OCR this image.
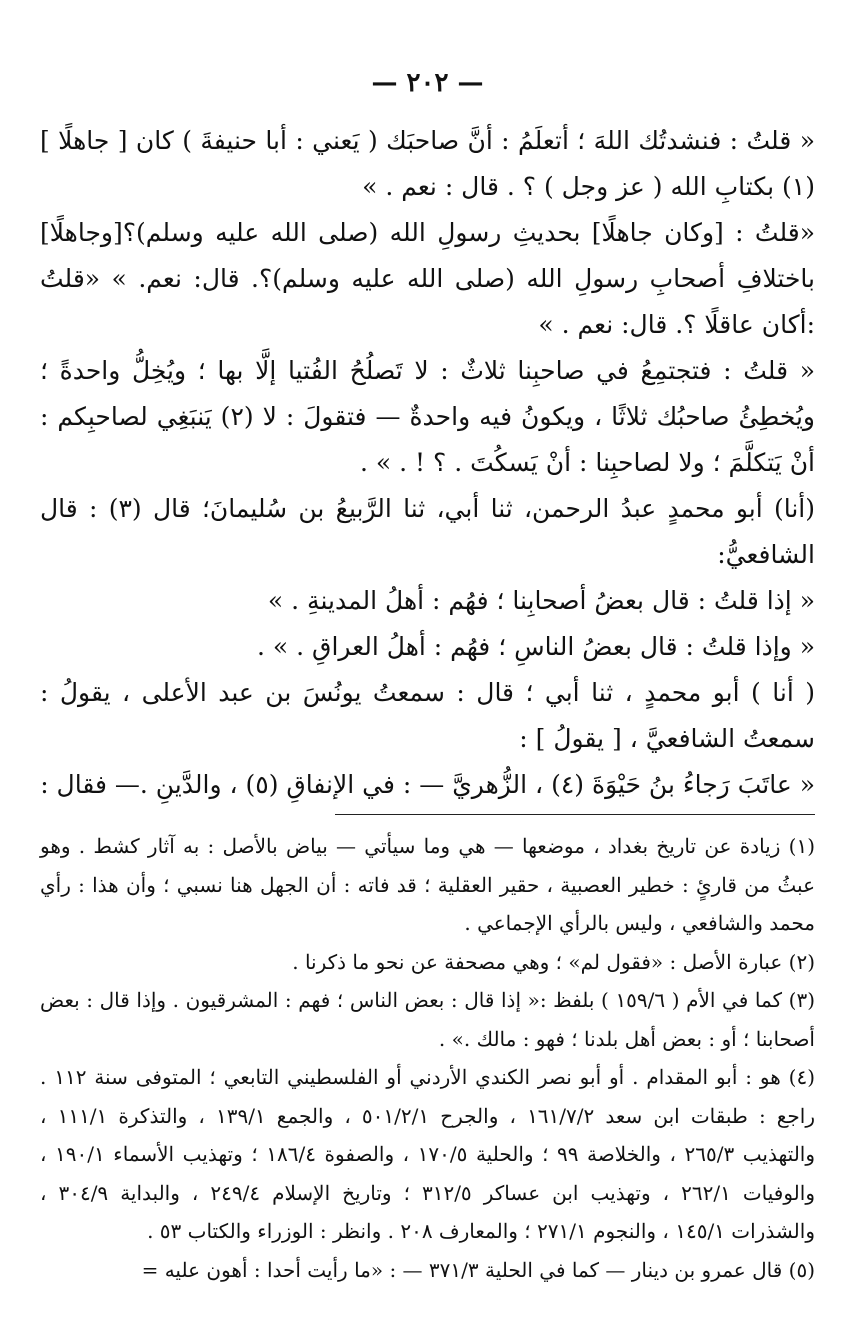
— ٢٠٢ —

« قلتُ : فنشدتُك اللهَ ؛ أتعلَمُ : أنَّ صاحبَك ( يَعني : أبا حنيفةَ ) كان [ جاهلًا ] (١) بكتابِ الله ( عز وجل ) ؟ . قال : نعم . »

«قلتُ : [وكان جاهلًا] بحديثِ رسولِ الله (صلى الله عليه وسلم)؟[وجاهلًا] باختلافِ أصحابِ رسولِ الله (صلى الله عليه وسلم)؟. قال: نعم. » «قلتُ :أكان عاقلًا ؟. قال: نعم . »

« قلتُ : فتجتمِعُ في صاحبِنا ثلاثٌ : لا تَصلُحُ الفُتيا إلَّا بها ؛ ويُخِلُّ واحدةً ؛ ويُخطِئُ صاحبُك ثلاثًا ، ويكونُ فيه واحدةٌ — فتقولَ : لا (٢) يَنبَغِي لصاحبِكم : أنْ يَتكلَّمَ ؛ ولا لصاحبِنا : أنْ يَسكُتَ . ؟ ! . » .

(أنا) أبو محمدٍ عبدُ الرحمن، ثنا أبي، ثنا الرَّبيعُ بن سُليمانَ؛ قال (٣) : قال الشافعيُّ:

« إذا قلتُ : قال بعضُ أصحابِنا ؛ فهُم : أهلُ المدينةِ . »

« وإذا قلتُ : قال بعضُ الناسِ ؛ فهُم : أهلُ العراقِ . » .

( أنا ) أبو محمدٍ ، ثنا أبي ؛ قال : سمعتُ يونُسَ بن عبد الأعلى ، يقولُ : سمعتُ الشافعيَّ ، [ يقولُ ] :

« عاتَبَ رَجاءُ بنُ حَيْوَةَ (٤) ، الزُّهريَّ — : في الإنفاقِ (٥) ، والدَّينِ .— فقال :

(١) زيادة عن تاريخ بغداد ، موضعها — هي وما سيأتي — بياض بالأصل : به آثار كشط . وهو عبثُ من قارئٍ : خطير العصبية ، حقير العقلية ؛ قد فاته : أن الجهل هنا نسبي ؛ وأن هذا : رأي محمد والشافعي ، وليس بالرأي الإجماعي .

(٢) عبارة الأصل : «فقول لم» ؛ وهي مصحفة عن نحو ما ذكرنا .

(٣) كما في الأم ( ١٥٩/٦ ) بلفظ :« إذا قال : بعض الناس ؛ فهم : المشرقيون . وإذا قال : بعض أصحابنا ؛ أو : بعض أهل بلدنا ؛ فهو : مالك .» .

(٤) هو : أبو المقدام . أو أبو نصر الكندي الأردني أو الفلسطيني التابعي ؛ المتوفى سنة ١١٢ . راجع : طبقات ابن سعد ١٦١/٧/٢ ، والجرح ٥٠١/٢/١ ، والجمع ١٣٩/١ ، والتذكرة ١١١/١ ، والتهذيب ٢٦٥/٣ ، والخلاصة ٩٩ ؛ والحلية ١٧٠/٥ ، والصفوة ١٨٦/٤ ؛ وتهذيب الأسماء ١٩٠/١ ، والوفيات ٢٦٢/١ ، وتهذيب ابن عساكر ٣١٢/٥ ؛ وتاريخ الإسلام ٢٤٩/٤ ، والبداية ٣٠٤/٩ ، والشذرات ١٤٥/١ ، والنجوم ٢٧١/١ ؛ والمعارف ٢٠٨ . وانظر : الوزراء والكتاب ٥٣ .

(٥) قال عمرو بن دينار — كما في الحلية ٣٧١/٣ — : «ما رأيت أحدا : أهون عليه =
